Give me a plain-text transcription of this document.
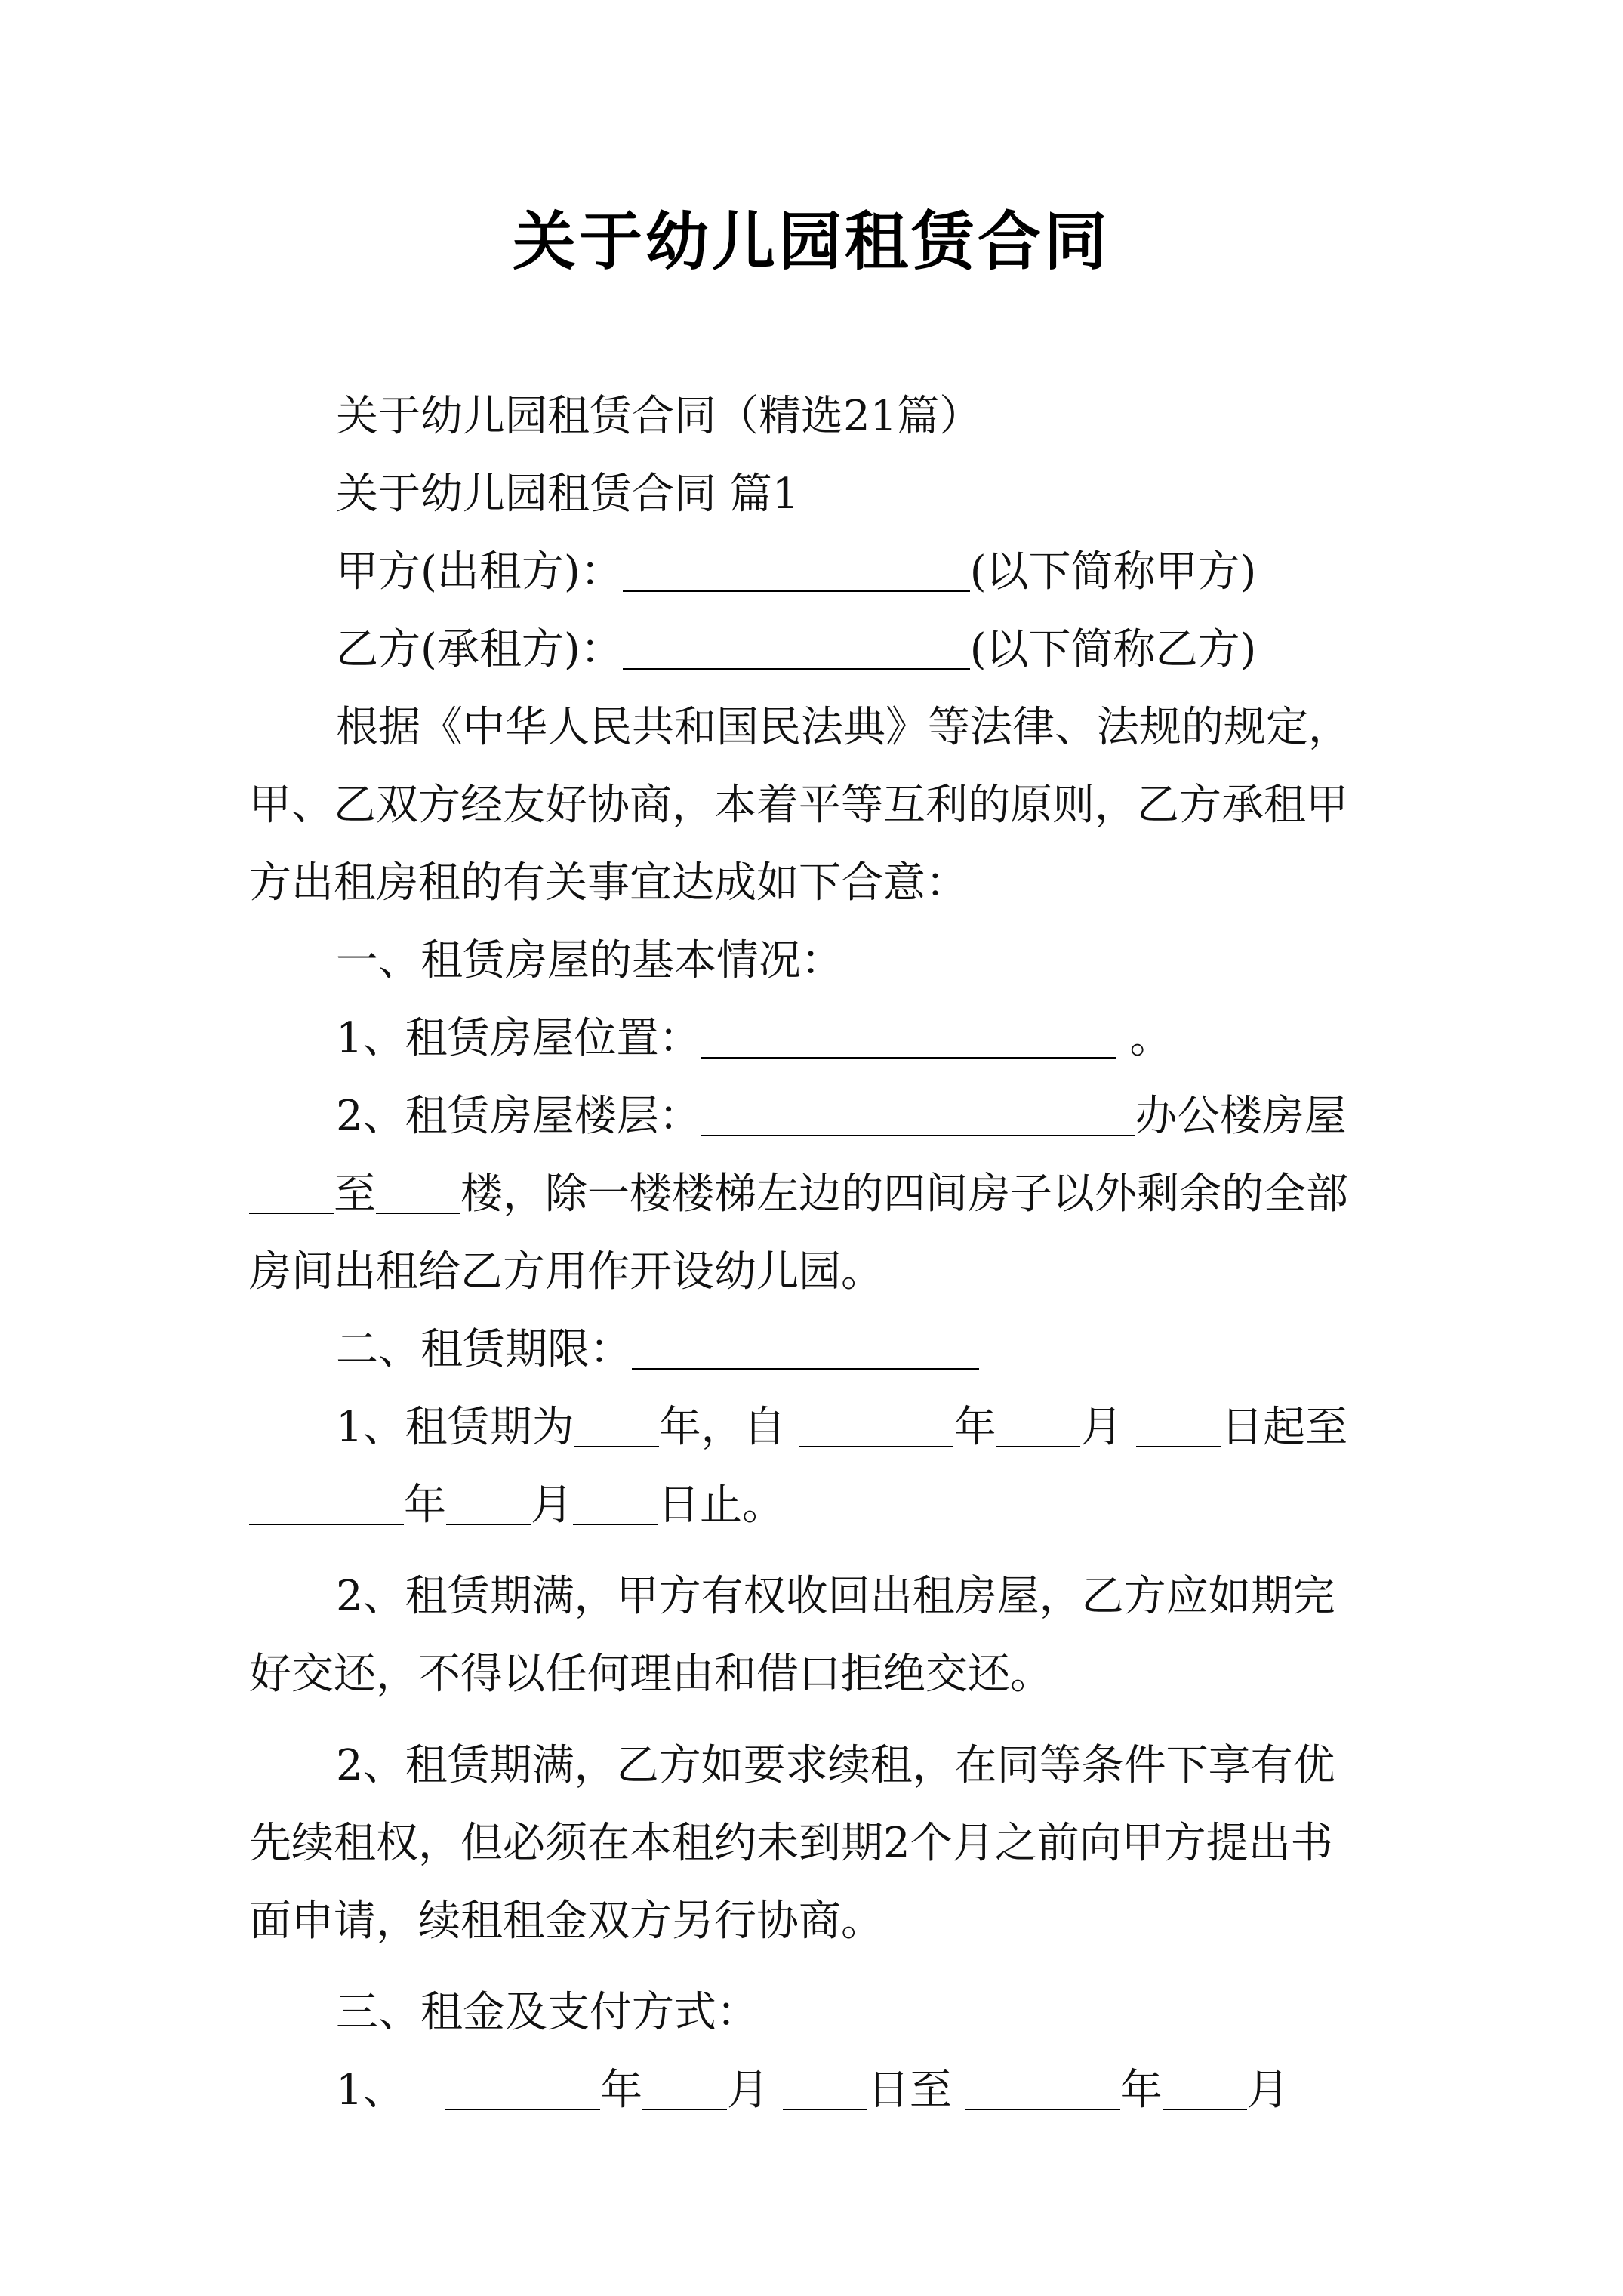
关于幼儿园租赁合同
关于幼儿园租赁合同（精选21篇）
关于幼儿园租赁合同 篇1
甲方(出租方)：	(以下简称甲方)
乙方(承租方)：	(以下简称乙方)
根据《中华人民共和国民法典》等法律、法规的规定，
甲、乙双方经友好协商，本着平等互利的原则，乙方承租甲
方出租房租的有关事宜达成如下合意：
一、租赁房屋的基本情况：
1、租赁房屋位置：	。
2、租赁房屋楼层：	办公楼房屋
至 楼，除一楼楼梯左边的四间房子以外剩余的全部
房间出租给乙方用作开设幼儿园。
二、租赁期限：
1、租赁期为 年，自	年 月 日起至
年 月 日止。
2、租赁期满，甲方有权收回出租房屋，乙方应如期完
好交还，不得以任何理由和借口拒绝交还。
2、租赁期满，乙方如要求续租，在同等条件下享有优
先续租权，但必须在本租约未到期2个月之前向甲方提出书
面申请，续租租金双方另行协商。
三、租金及支付方式：
1、	年 月 日至	年 月
